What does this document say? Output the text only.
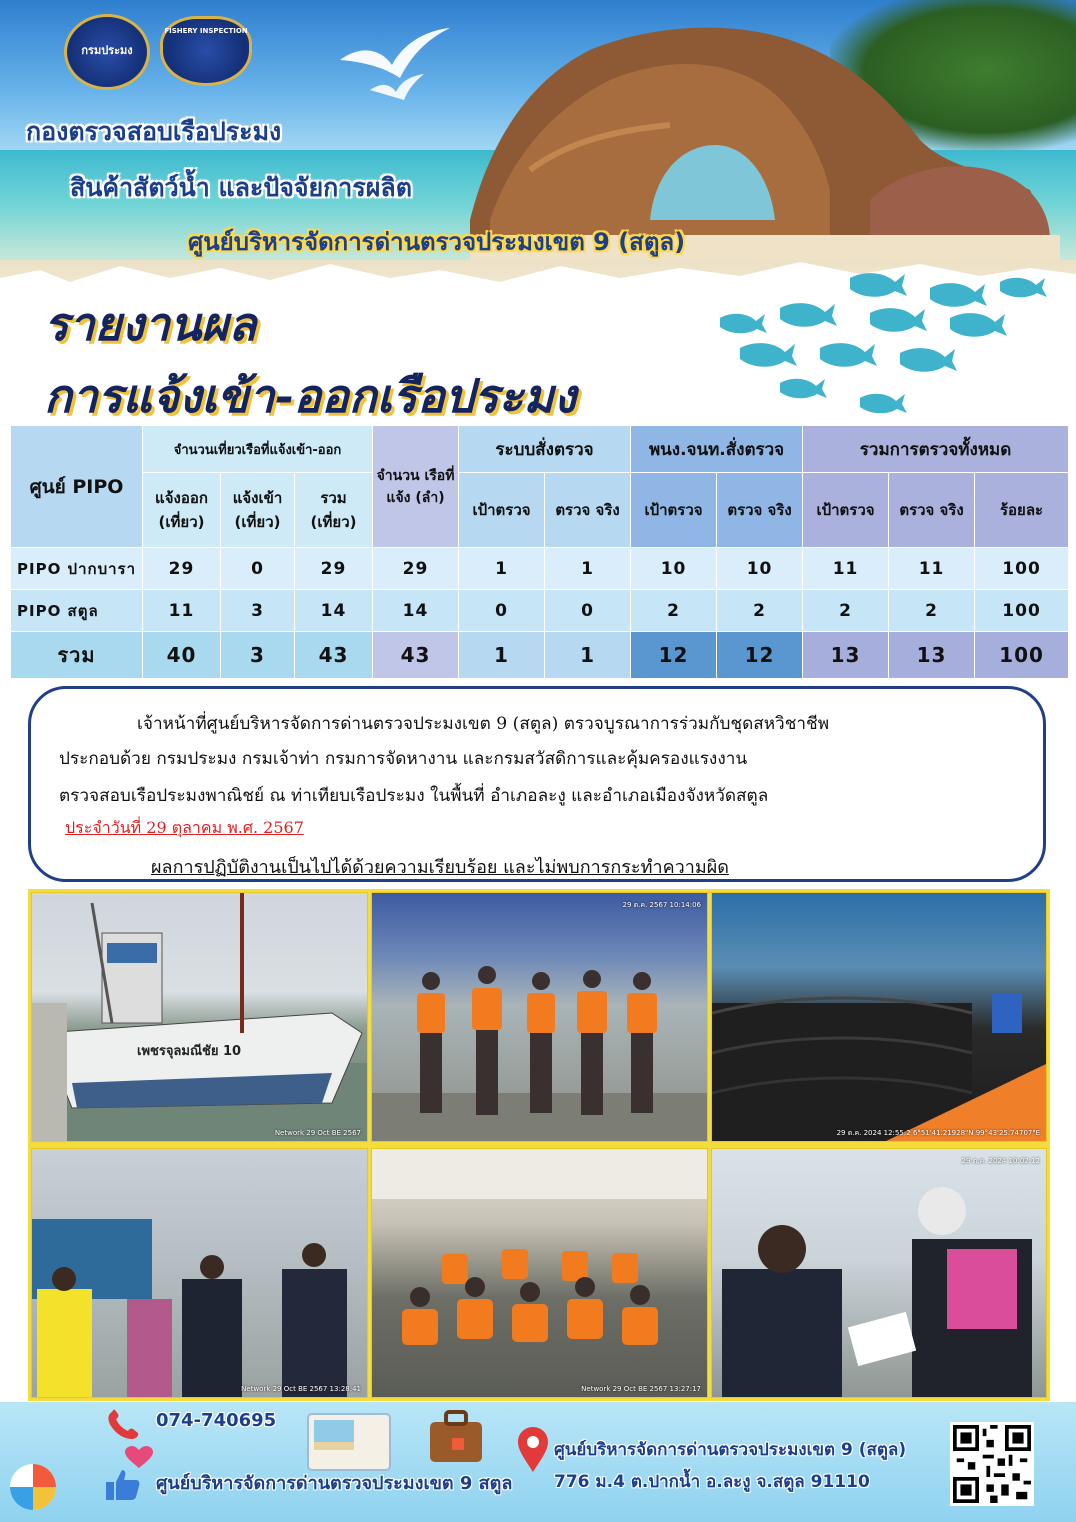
กรมประมง
FISHERY INSPECTION
กองตรวจสอบเรือประมง
สินค้าสัตว์น้ำ และปัจจัยการผลิต
ศูนย์บริหารจัดการด่านตรวจประมงเขต 9 (สตูล)
รายงานผล
การแจ้งเข้า-ออกเรือประมง
ศูนย์ PIPO	จำนวนเที่ยวเรือที่แจ้งเข้า-ออก			จำนวน เรือที่แจ้ง (ลำ)	ระบบสั่งตรวจ		พนง.จนท.สั่งตรวจ		รวมการตรวจทั้งหมด		
	แจ้งออก (เที่ยว)	แจ้งเข้า (เที่ยว)	รวม (เที่ยว)		เป้าตรวจ	ตรวจ จริง	เป้าตรวจ	ตรวจ จริง	เป้าตรวจ	ตรวจ จริง	ร้อยละ
PIPO ปากบารา	29	0	29	29	1	1	10	10	11	11	100
PIPO สตูล	11	3	14	14	0	0	2	2	2	2	100
รวม	40	3	43	43	1	1	12	12	13	13	100
เจ้าหน้าที่ศูนย์บริหารจัดการด่านตรวจประมงเขต 9 (สตูล) ตรวจบูรณาการร่วมกับชุดสหวิชาชีพ
ประกอบด้วย กรมประมง กรมเจ้าท่า กรมการจัดหางาน และกรมสวัสดิการและคุ้มครองแรงงาน
ตรวจสอบเรือประมงพาณิชย์ ณ ท่าเทียบเรือประมง ในพื้นที่ อำเภอละงู และอำเภอเมืองจังหวัดสตูล
ประจำวันที่ 29 ตุลาคม พ.ศ. 2567
ผลการปฏิบัติงานเป็นไปได้ด้วยความเรียบร้อย และไม่พบการกระทำความผิด
เพชรจุลมณีชัย 10
Network 29 Oct BE 2567
29 ต.ค. 2567 10:14:06
29 ต.ค. 2024 12:55:2 6°51'41.21928"N 99°43'25.74707"E
Network 29 Oct BE 2567 13:28:41	Network 29 Oct BE 2567 13:27:17
29 ต.ค. 2024 10:02:12
074-740695
ศูนย์บริหารจัดการด่านตรวจประมงเขต 9 สตูล
ศูนย์บริหารจัดการด่านตรวจประมงเขต 9 (สตูล)
776 ม.4 ต.ปากน้ำ อ.ละงู จ.สตูล 91110
